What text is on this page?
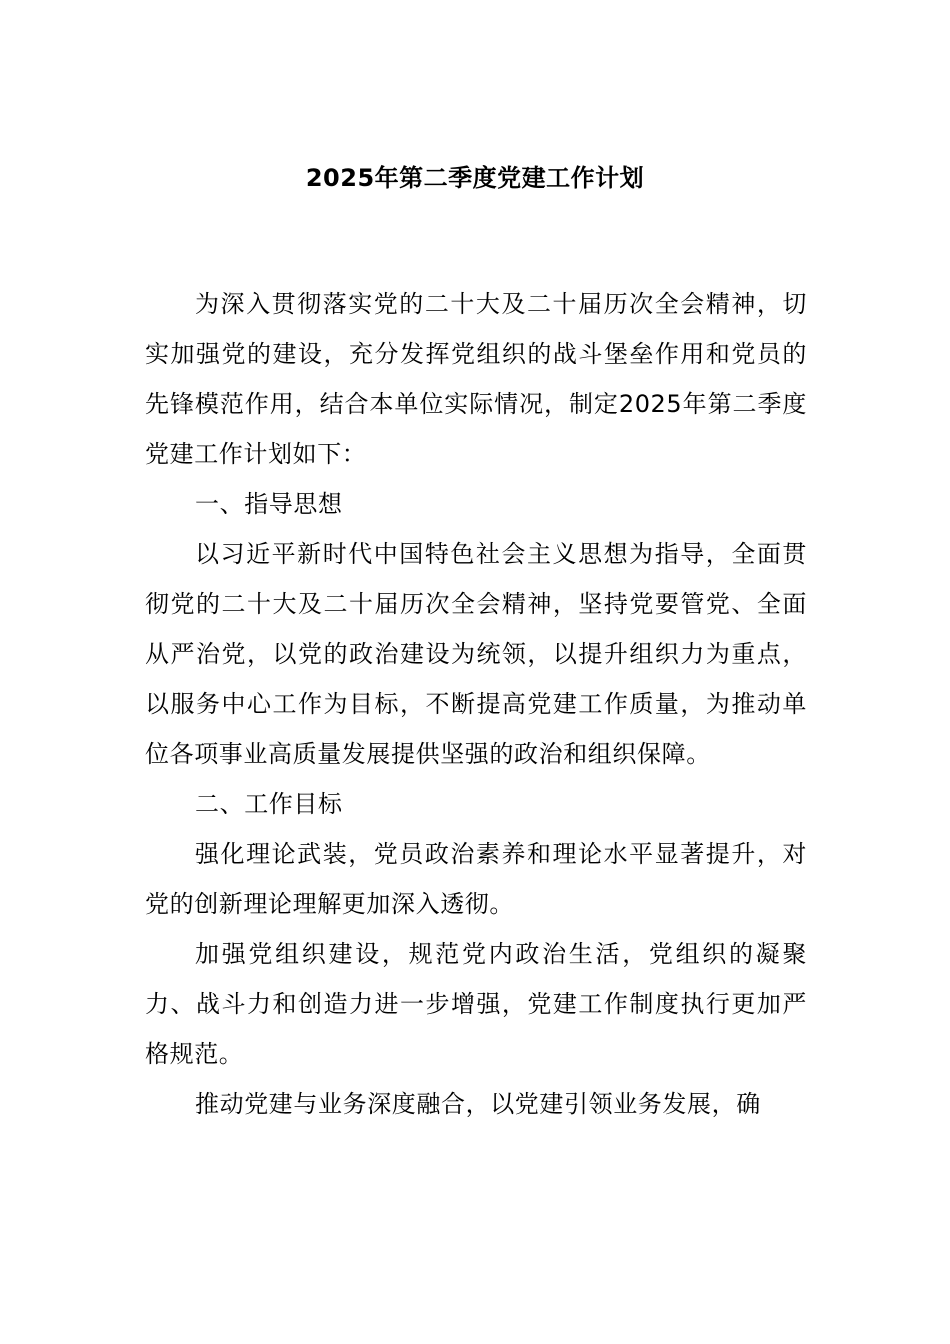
2025年第二季度党建工作计划

为深入贯彻落实党的二十大及二十届历次全会精神，切实加强党的建设，充分发挥党组织的战斗堡垒作用和党员的先锋模范作用，结合本单位实际情况，制定2025年第二季度党建工作计划如下：

一、指导思想

以习近平新时代中国特色社会主义思想为指导，全面贯彻党的二十大及二十届历次全会精神，坚持党要管党、全面从严治党，以党的政治建设为统领，以提升组织力为重点，以服务中心工作为目标，不断提高党建工作质量，为推动单位各项事业高质量发展提供坚强的政治和组织保障。

二、工作目标

强化理论武装，党员政治素养和理论水平显著提升，对党的创新理论理解更加深入透彻。

加强党组织建设，规范党内政治生活，党组织的凝聚力、战斗力和创造力进一步增强，党建工作制度执行更加严格规范。

推动党建与业务深度融合，以党建引领业务发展，确
